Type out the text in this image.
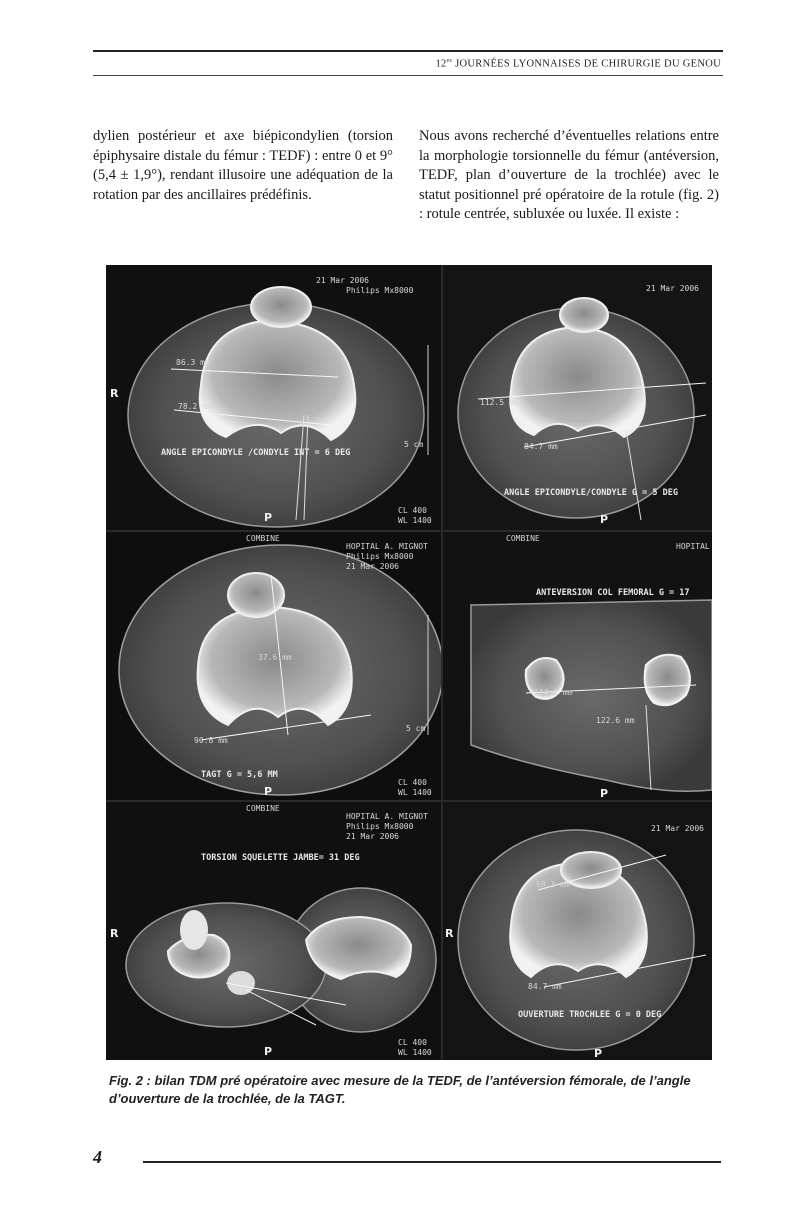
$12^{es}$ JOURNÉES LYONNAISES DE CHIRURGIE DU GENOU
dylien postérieur et axe biépicondylien (torsion épiphysaire distale du fémur : TEDF) : entre 0 et 9° (5,4 ± 1,9°), rendant illusoire une adéquation de la rotation par des ancillaires prédéfinis.
Nous avons recherché d’éventuelles relations entre la morphologie torsionnelle du fémur (antéversion, TEDF, plan d’ouverture de la trochlée) avec le statut positionnel pré opératoire de la rotule (fig. 2) : rotule centrée, subluxée ou luxée. Il existe :
86.3 mm
78.2 mm
ANGLE EPICONDYLE /CONDYLE INT = 6 DEG
R
P
21 Mar 2006
Philips Mx8000
5 cm
CL 400
WL 1400
112.5 mm
84.7 mm
ANGLE EPICONDYLE/CONDYLE G = 5 DEG
P
21 Mar 2006
37.6 mm
90.8 mm
TAGT G = 5,6 MM
P
COMBINE
HOPITAL A. MIGNOT
Philips Mx8000
21 Mar 2006
5 cm
CL 400
WL 1400
COMBINE
HOPITAL
ANTEVERSION COL FEMORAL G = 17
114.2 mm
122.6 mm
P
COMBINE
HOPITAL A. MIGNOT
Philips Mx8000
21 Mar 2006
TORSION SQUELETTE JAMBE= 31 DEG
R
P
CL 400
WL 1400
21 Mar 2006
68.3 mm
84.7 mm
OUVERTURE TROCHLEE G = 0 DEG
R
P
Fig. 2 : bilan TDM pré opératoire avec mesure de la TEDF, de l’antéversion fémorale, de l’angle d’ouverture de la trochlée, de la TAGT.
4
